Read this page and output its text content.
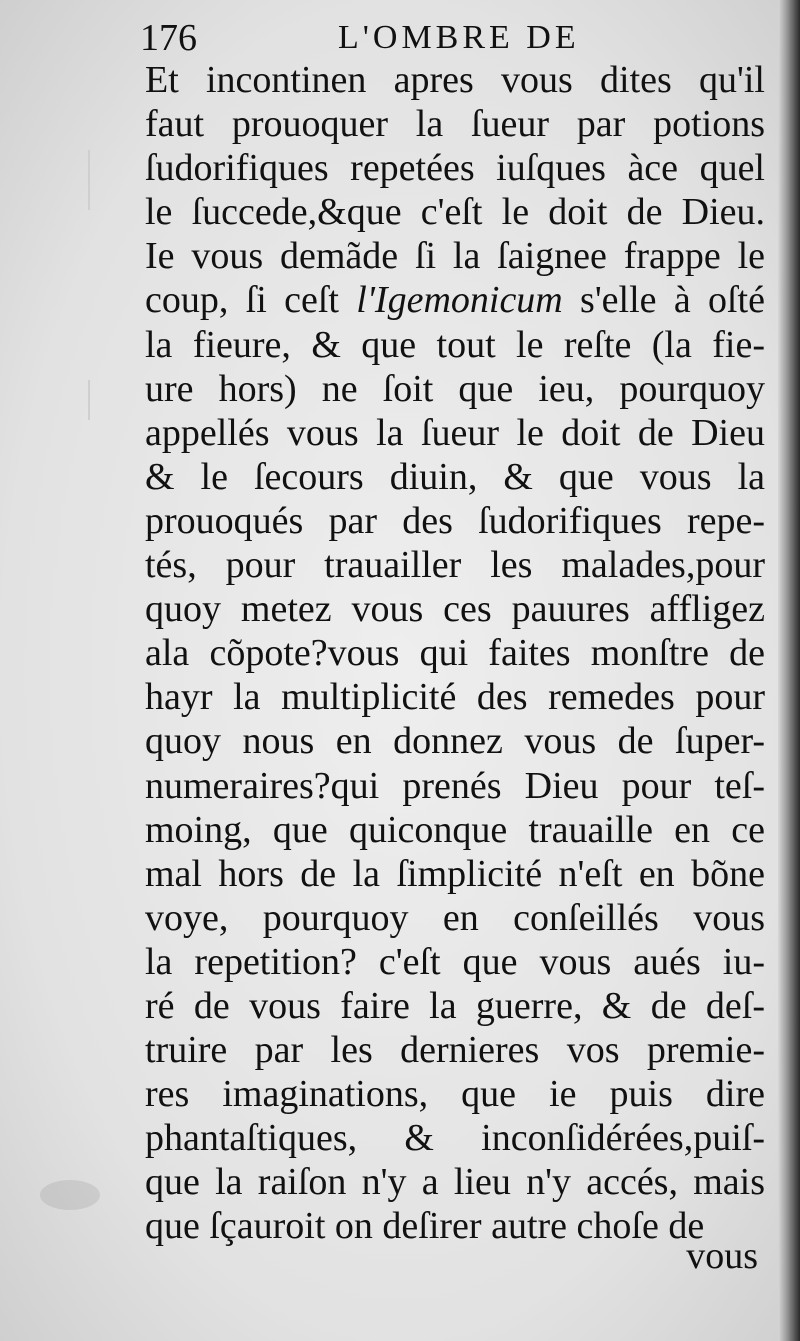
176	L'OMBRE DE
Et incontinen apres vous dites qu'il
faut prouoquer la ſueur par potions
ſudorifiques repetées iuſques àce quel
le ſuccede,&que c'eſt le doit de Dieu.
Ie vous demãde ſi la ſaignee frappe le
coup, ſi ceſt l'Igemonicum s'elle à oſté
la fieure, & que tout le reſte (la fie-
ure hors) ne ſoit que ieu, pourquoy
appellés vous la ſueur le doit de Dieu
& le ſecours diuin, & que vous la
prouoqués par des ſudorifiques repe-
tés, pour trauailler les malades,pour
quoy metez vous ces pauures affligez
ala cõpote?vous qui faites monſtre de
hayr la multiplicité des remedes pour
quoy nous en donnez vous de ſuper-
numeraires?qui prenés Dieu pour teſ-
moing, que quiconque trauaille en ce
mal hors de la ſimplicité n'eſt en bõne
voye, pourquoy en conſeillés vous
la repetition? c'eſt que vous aués iu-
ré de vous faire la guerre, & de deſ-
truire par les dernieres vos premie-
res imaginations, que ie puis dire
phantaſtiques, & inconſidérées,puiſ-
que la raiſon n'y a lieu n'y accés, mais
que ſçauroit on deſirer autre choſe de
vous
